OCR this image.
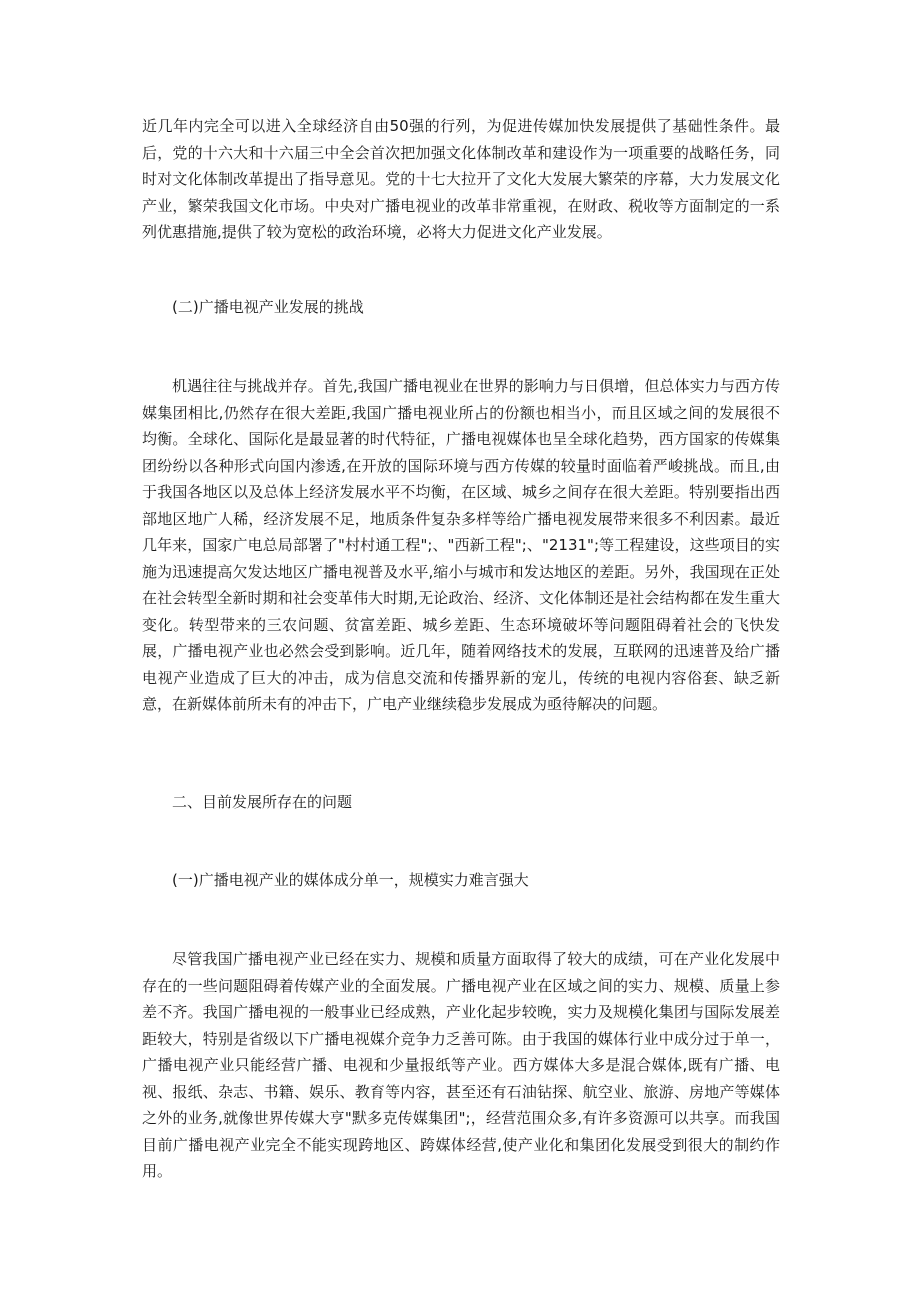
近几年内完全可以进入全球经济自由50强的行列，为促进传媒加快发展提供了基础性条件。最后，党的十六大和十六届三中全会首次把加强文化体制改革和建设作为一项重要的战略任务，同时对文化体制改革提出了指导意见。党的十七大拉开了文化大发展大繁荣的序幕，大力发展文化产业，繁荣我国文化市场。中央对广播电视业的改革非常重视，在财政、税收等方面制定的一系列优惠措施,提供了较为宽松的政治环境，必将大力促进文化产业发展。

(二)广播电视产业发展的挑战

机遇往往与挑战并存。首先,我国广播电视业在世界的影响力与日俱增，但总体实力与西方传媒集团相比,仍然存在很大差距,我国广播电视业所占的份额也相当小，而且区域之间的发展很不均衡。全球化、国际化是最显著的时代特征，广播电视媒体也呈全球化趋势，西方国家的传媒集团纷纷以各种形式向国内渗透,在开放的国际环境与西方传媒的较量时面临着严峻挑战。而且,由于我国各地区以及总体上经济发展水平不均衡，在区域、城乡之间存在很大差距。特别要指出西部地区地广人稀，经济发展不足，地质条件复杂多样等给广播电视发展带来很多不利因素。最近几年来，国家广电总局部署了"村村通工程";、"西新工程";、"2131";等工程建设，这些项目的实施为迅速提高欠发达地区广播电视普及水平,缩小与城市和发达地区的差距。另外，我国现在正处在社会转型全新时期和社会变革伟大时期,无论政治、经济、文化体制还是社会结构都在发生重大变化。转型带来的三农问题、贫富差距、城乡差距、生态环境破坏等问题阻碍着社会的飞快发展，广播电视产业也必然会受到影响。近几年，随着网络技术的发展，互联网的迅速普及给广播电视产业造成了巨大的冲击，成为信息交流和传播界新的宠儿，传统的电视内容俗套、缺乏新意，在新媒体前所未有的冲击下，广电产业继续稳步发展成为亟待解决的问题。

二、目前发展所存在的问题

(一)广播电视产业的媒体成分单一，规模实力难言强大

尽管我国广播电视产业已经在实力、规模和质量方面取得了较大的成绩，可在产业化发展中存在的一些问题阻碍着传媒产业的全面发展。广播电视产业在区域之间的实力、规模、质量上参差不齐。我国广播电视的一般事业已经成熟，产业化起步较晚，实力及规模化集团与国际发展差距较大，特别是省级以下广播电视媒介竞争力乏善可陈。由于我国的媒体行业中成分过于单一，广播电视产业只能经营广播、电视和少量报纸等产业。西方媒体大多是混合媒体,既有广播、电视、报纸、杂志、书籍、娱乐、教育等内容，甚至还有石油钻探、航空业、旅游、房地产等媒体之外的业务,就像世界传媒大亨"默多克传媒集团";，经营范围众多,有许多资源可以共享。而我国目前广播电视产业完全不能实现跨地区、跨媒体经营,使产业化和集团化发展受到很大的制约作用。
